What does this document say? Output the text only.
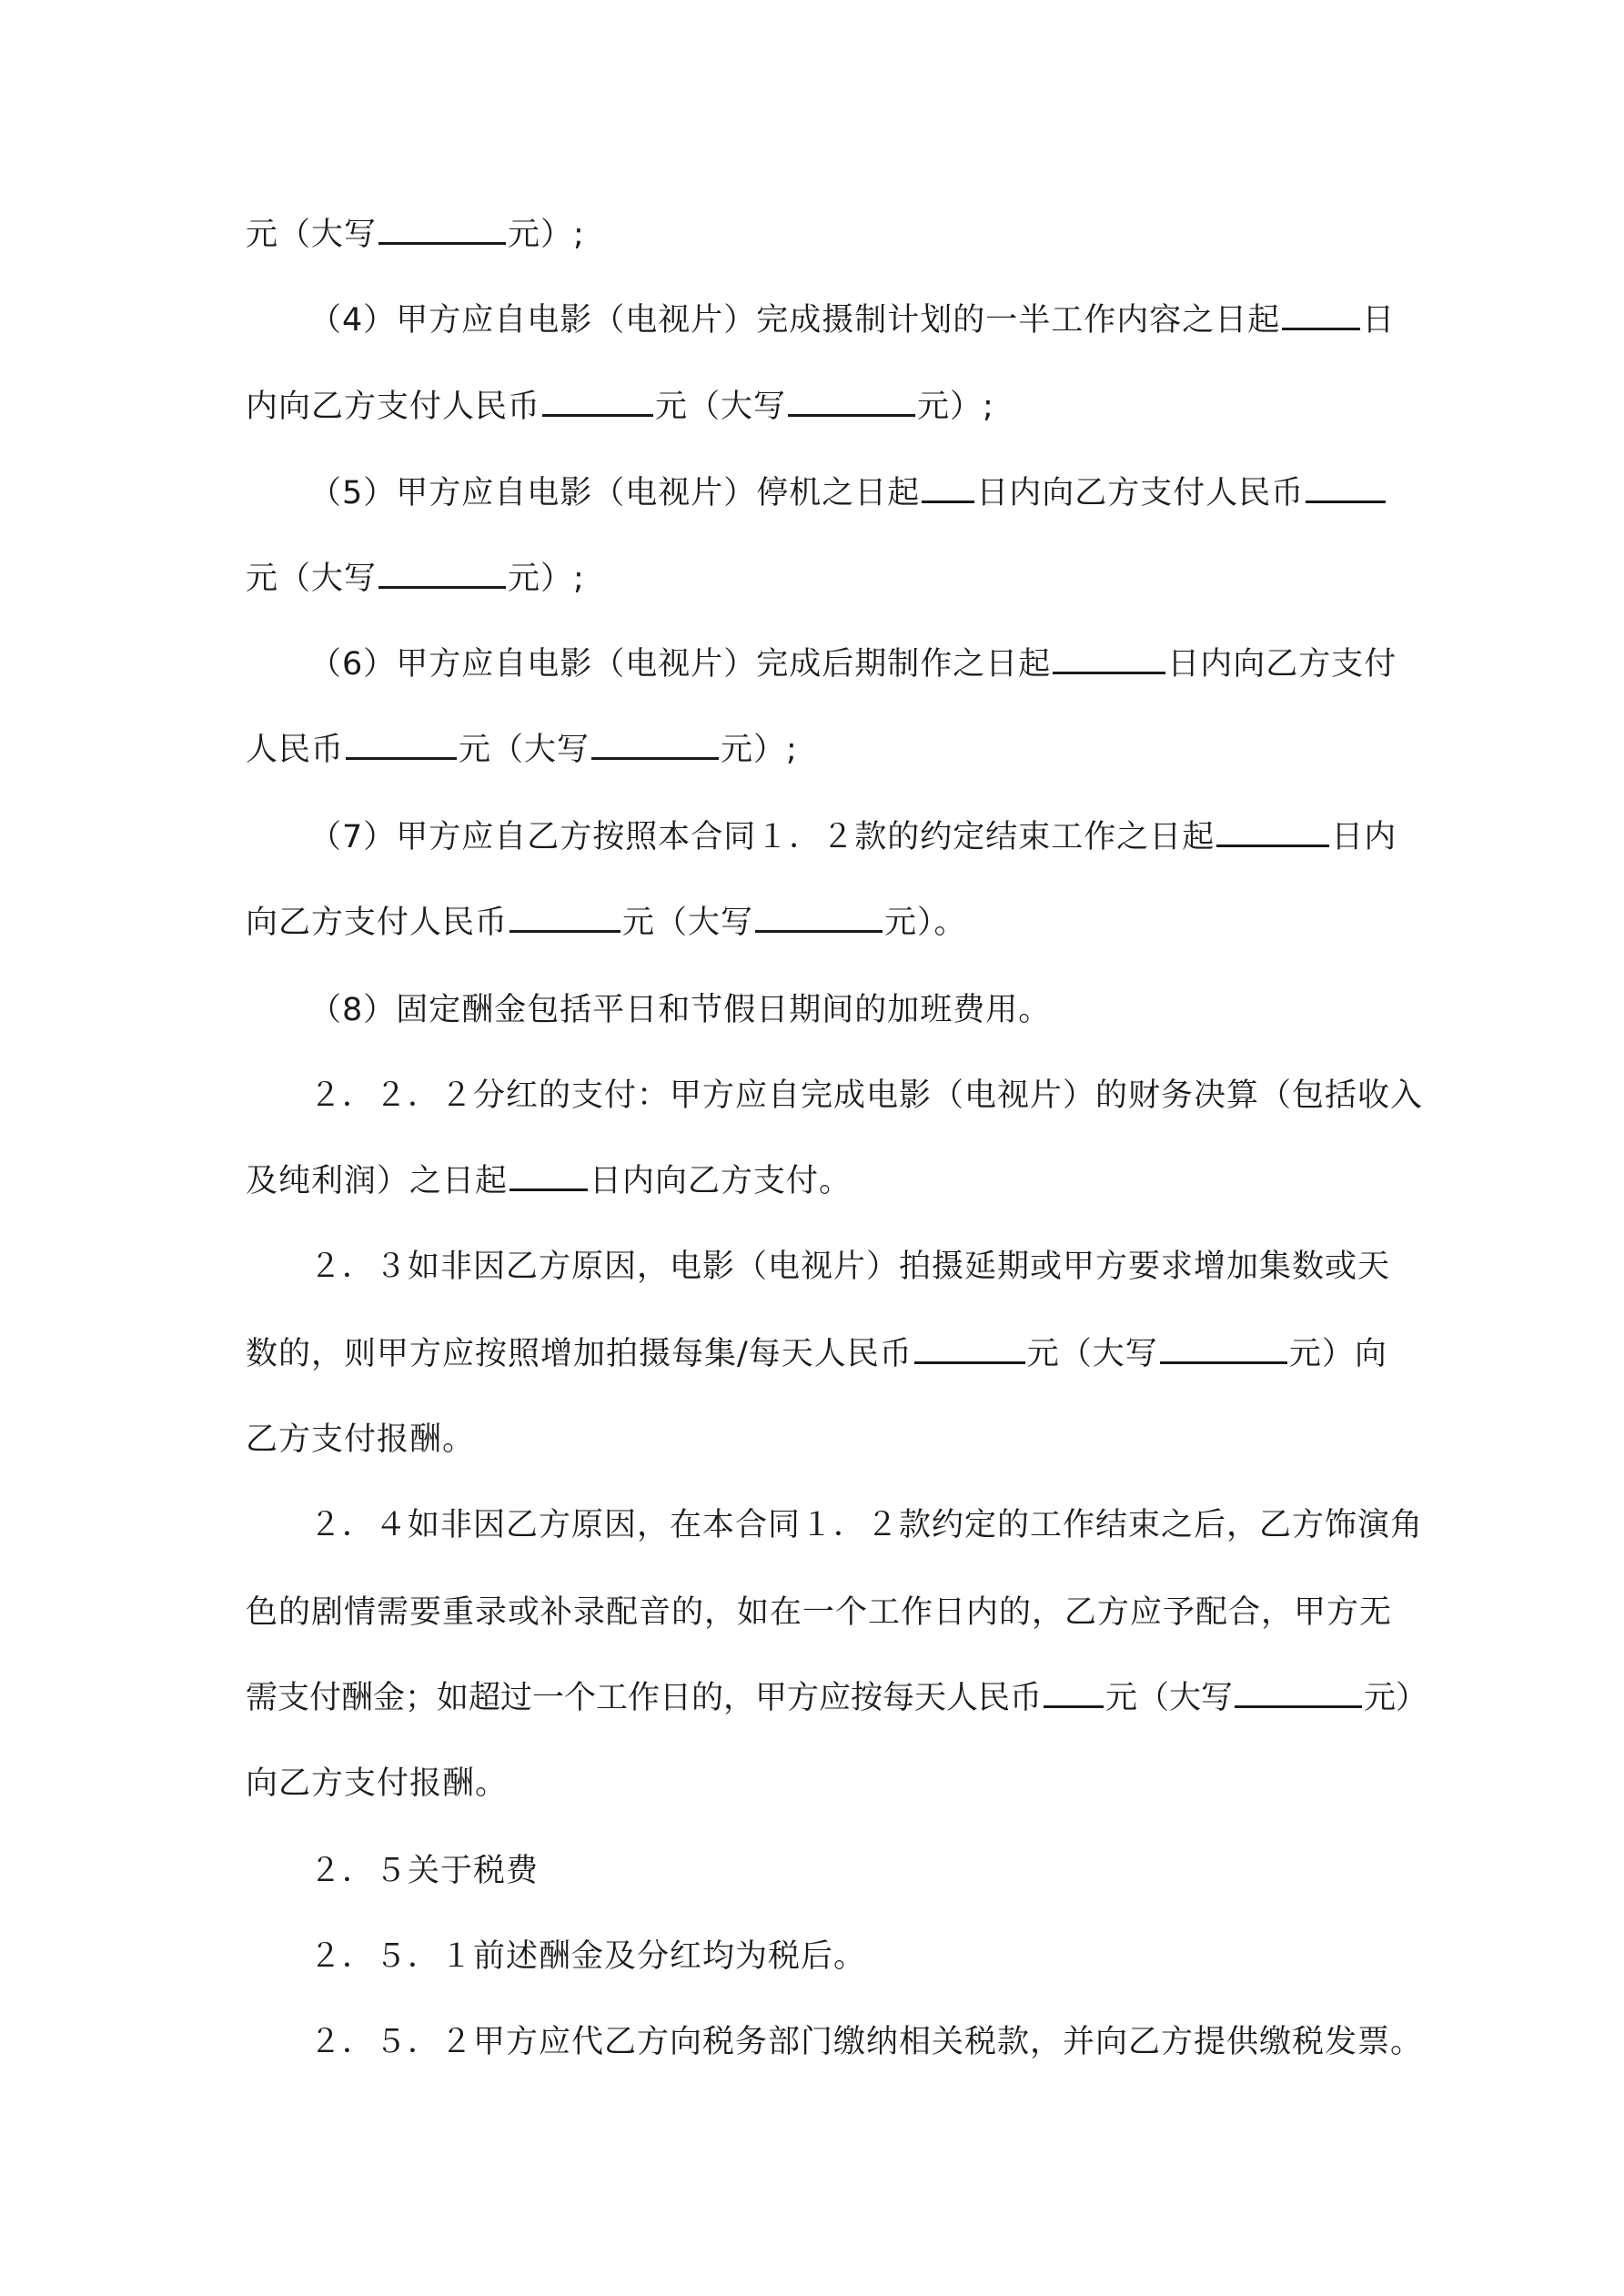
元（大写	元）;
（4）甲方应自电影（电视片）完成摄制计划的一半工作内容之日起	日
内向乙方支付人民币	元（大写	元）;
（5）甲方应自电影（电视片）停机之日起 日内向乙方支付人民币
元（大写	元）;
（6）甲方应自电影（电视片）完成后期制作之日起	日内向乙方支付
人民币	元（大写	元）;
（7）甲方应自乙方按照本合同１．２款的约定结束工作之日起	日内
向乙方支付人民币	元（大写	元）。
（8）固定酬金包括平日和节假日期间的加班费用。
２．２．２分红的支付：甲方应自完成电影（电视片）的财务决算（包括收入
及纯利润）之日起	日内向乙方支付。
２．３如非因乙方原因，电影（电视片）拍摄延期或甲方要求增加集数或天
数的，则甲方应按照增加拍摄每集/每天人民币	元（大写	元）向
乙方支付报酬。
２．４如非因乙方原因，在本合同１．２款约定的工作结束之后，乙方饰演角
色的剧情需要重录或补录配音的，如在一个工作日内的，乙方应予配合，甲方无
需支付酬金；如超过一个工作日的，甲方应按每天人民币 元（大写	元）
向乙方支付报酬。
２．５关于税费
２．５．１前述酬金及分红均为税后。
２．５．２甲方应代乙方向税务部门缴纳相关税款，并向乙方提供缴税发票。
